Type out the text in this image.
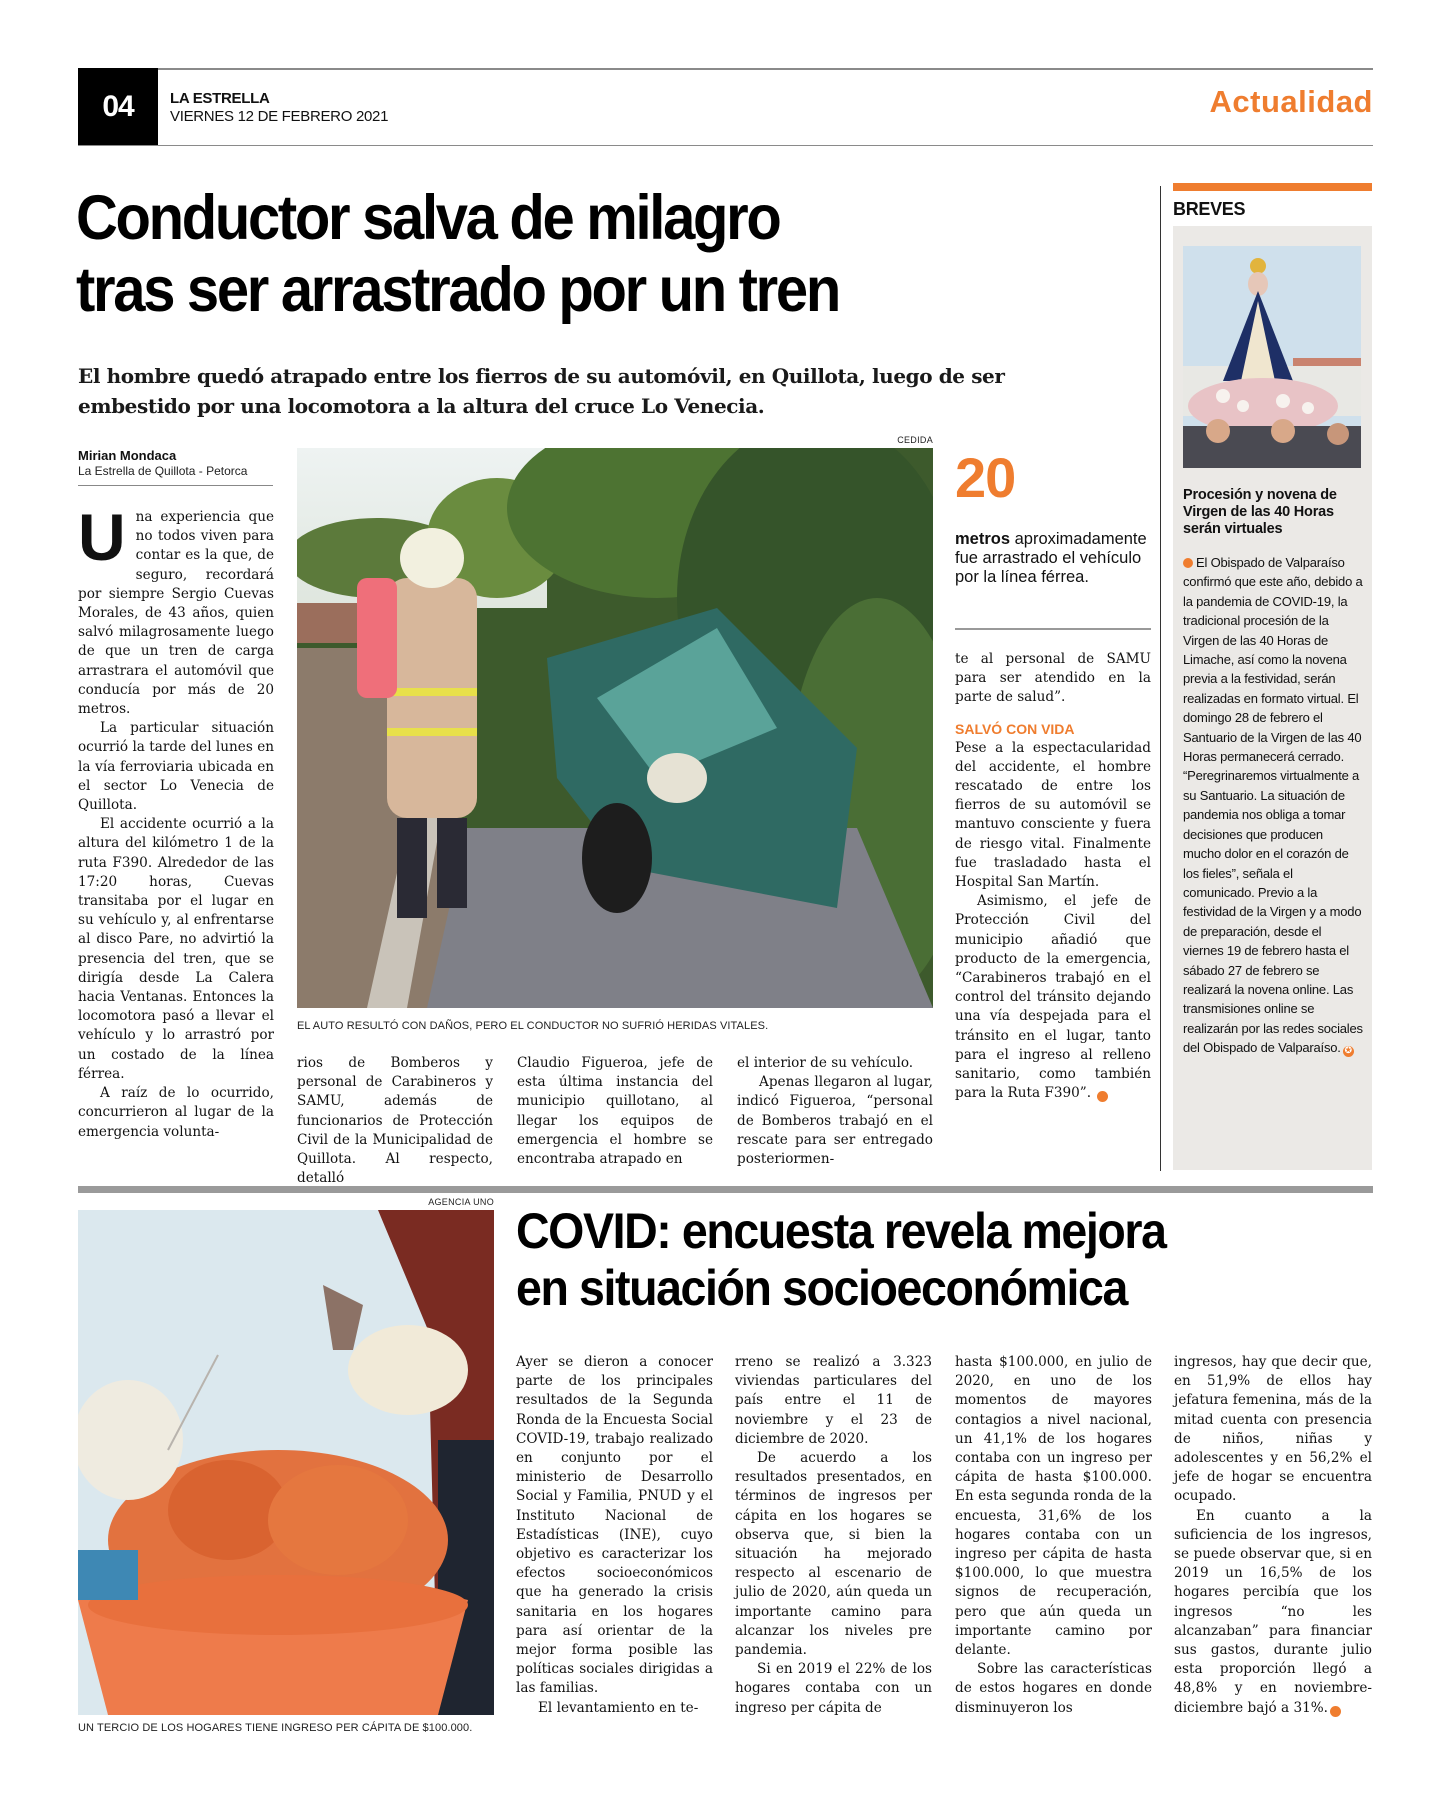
04	LA ESTRELLA
VIERNES 12 DE FEBRERO 2021	Actualidad
Conductor salva de milagro
tras ser arrastrado por un tren
El hombre quedó atrapado entre los fierros de su automóvil, en Quillota, luego de ser embestido por una locomotora a la altura del cruce Lo Venecia.
Mirian Mondaca
La Estrella de Quillota - Petorca
U na experiencia que no todos viven para contar es la que, de seguro, recordará por siempre Sergio Cuevas Morales, de 43 años, quien salvó milagrosamente luego de que un tren de carga arrastrara el automóvil que conducía por más de 20 metros.

La particular situación ocurrió la tarde del lunes en la vía ferroviaria ubicada en el sector Lo Venecia de Quillota.

El accidente ocurrió a la altura del kilómetro 1 de la ruta F390. Alrededor de las 17:20 horas, Cuevas transitaba por el lugar en su vehículo y, al enfrentarse al disco Pare, no advirtió la presencia del tren, que se dirigía desde La Calera hacia Ventanas. Entonces la locomotora pasó a llevar el vehículo y lo arrastró por un costado de la línea férrea.

A raíz de lo ocurrido, concurrieron al lugar de la emergencia volunta-

CEDIDA
EL AUTO RESULTÓ CON DAÑOS, PERO EL CONDUCTOR NO SUFRIÓ HERIDAS VITALES.

rios de Bomberos y personal de Carabineros y SAMU, además de funcionarios de Protección Civil de la Municipalidad de Quillota. Al respecto, detalló

Claudio Figueroa, jefe de esta última instancia del municipio quillotano, al llegar los equipos de emergencia el hombre se encontraba atrapado en

el interior de su vehículo.

Apenas llegaron al lugar, indicó Figueroa, “personal de Bomberos trabajó en el rescate para ser entregado posteriormen-

20
metros aproximadamente fue arrastrado el vehículo por la línea férrea.

te al personal de SAMU para ser atendido en la parte de salud”.

SALVÓ CON VIDA

Pese a la espectacularidad del accidente, el hombre rescatado de entre los fierros de su automóvil se mantuvo consciente y fuera de riesgo vital. Finalmente fue trasladado hasta el Hospital San Martín.

Asimismo, el jefe de Protección Civil del municipio añadió que producto de la emergencia, “Carabineros trabajó en el control del tránsito dejando una vía despejada para el tránsito en el lugar, tanto para el ingreso al relleno sanitario, como también para la Ruta F390”.	✪

BREVES
Procesión y novena de Virgen de las 40 Horas serán virtuales
El Obispado de Valparaíso confirmó que este año, debido a la pandemia de COVID-19, la tradicional procesión de la Virgen de las 40 Horas de Limache, así como la novena previa a la festividad, serán realizadas en formato virtual. El domingo 28 de febrero el Santuario de la Virgen de las 40 Horas permanecerá cerrado. “Peregrinaremos virtualmente a su Santuario. La situación de pandemia nos obliga a tomar decisiones que producen mucho dolor en el corazón de los fieles”, señala el comunicado. Previo a la festividad de la Virgen y a modo de preparación, desde el viernes 19 de febrero hasta el sábado 27 de febrero se realizará la novena online. Las transmisiones online se realizarán por las redes sociales del Obispado de Valparaíso. ✪
AGENCIA UNO
UN TERCIO DE LOS HOGARES TIENE INGRESO PER CÁPITA DE $100.000.
COVID: encuesta revela mejora
en situación socioeconómica

Ayer se dieron a conocer parte de los principales resultados de la Segunda Ronda de la Encuesta Social COVID-19, trabajo realizado en conjunto por el ministerio de Desarrollo Social y Familia, PNUD y el Instituto Nacional de Estadísticas (INE), cuyo objetivo es caracterizar los efectos socioeconómicos que ha generado la crisis sanitaria en los hogares para así orientar de la mejor forma posible las políticas sociales dirigidas a las familias.

El levantamiento en te-

rreno se realizó a 3.323 viviendas particulares del país entre el 11 de noviembre y el 23 de diciembre de 2020.

De acuerdo a los resultados presentados, en términos de ingresos per cápita en los hogares se observa que, si bien la situación ha mejorado respecto al escenario de julio de 2020, aún queda un importante camino para alcanzar los niveles pre pandemia.

Si en 2019 el 22% de los hogares contaba con un ingreso per cápita de

hasta $100.000, en julio de 2020, en uno de los momentos de mayores contagios a nivel nacional, un 41,1% de los hogares contaba con un ingreso per cápita de hasta $100.000. En esta segunda ronda de la encuesta, 31,6% de los hogares contaba con un ingreso per cápita de hasta $100.000, lo que muestra signos de recuperación, pero que aún queda un importante camino por delante.

Sobre las características de estos hogares en donde disminuyeron los

ingresos, hay que decir que, en 51,9% de ellos hay jefatura femenina, más de la mitad cuenta con presencia de niños, niñas y adolescentes y en 56,2% el jefe de hogar se encuentra ocupado.

En cuanto a la suficiencia de los ingresos, se puede observar que, si en 2019 un 16,5% de los hogares percibía que los ingresos “no les alcanzaban” para financiar sus gastos, durante julio esta proporción llegó a 48,8% y en noviembre-diciembre bajó a 31%.	✪
